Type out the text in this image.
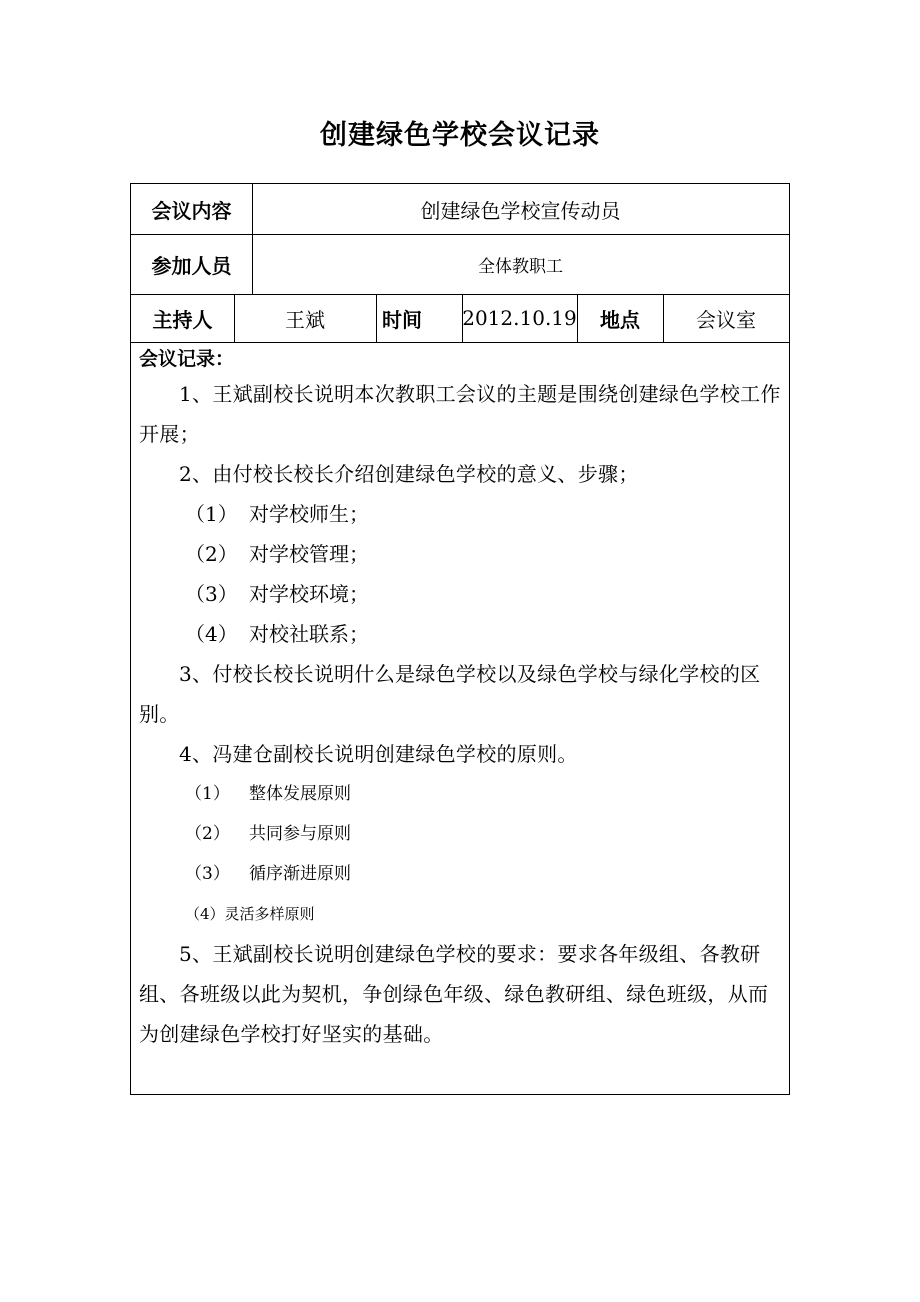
创建绿色学校会议记录
会议内容	创建绿色学校宣传动员
参加人员	全体教职工
主持人	王斌	时间	2012.10.19	地点	会议室
会议记录：

1、王斌副校长说明本次教职工会议的主题是围绕创建绿色学校工作开展；

2、由付校长校长介绍创建绿色学校的意义、步骤；

（1） 对学校师生；
（2） 对学校管理；
（3） 对学校环境；
（4） 对校社联系；

3、付校长校长说明什么是绿色学校以及绿色学校与绿化学校的区别。

4、冯建仓副校长说明创建绿色学校的原则。

（1） 整体发展原则
（2） 共同参与原则
（3） 循序渐进原则
（4）灵活多样原则

5、王斌副校长说明创建绿色学校的要求：要求各年级组、各教研组、各班级以此为契机，争创绿色年级、绿色教研组、绿色班级，从而为创建绿色学校打好坚实的基础。
